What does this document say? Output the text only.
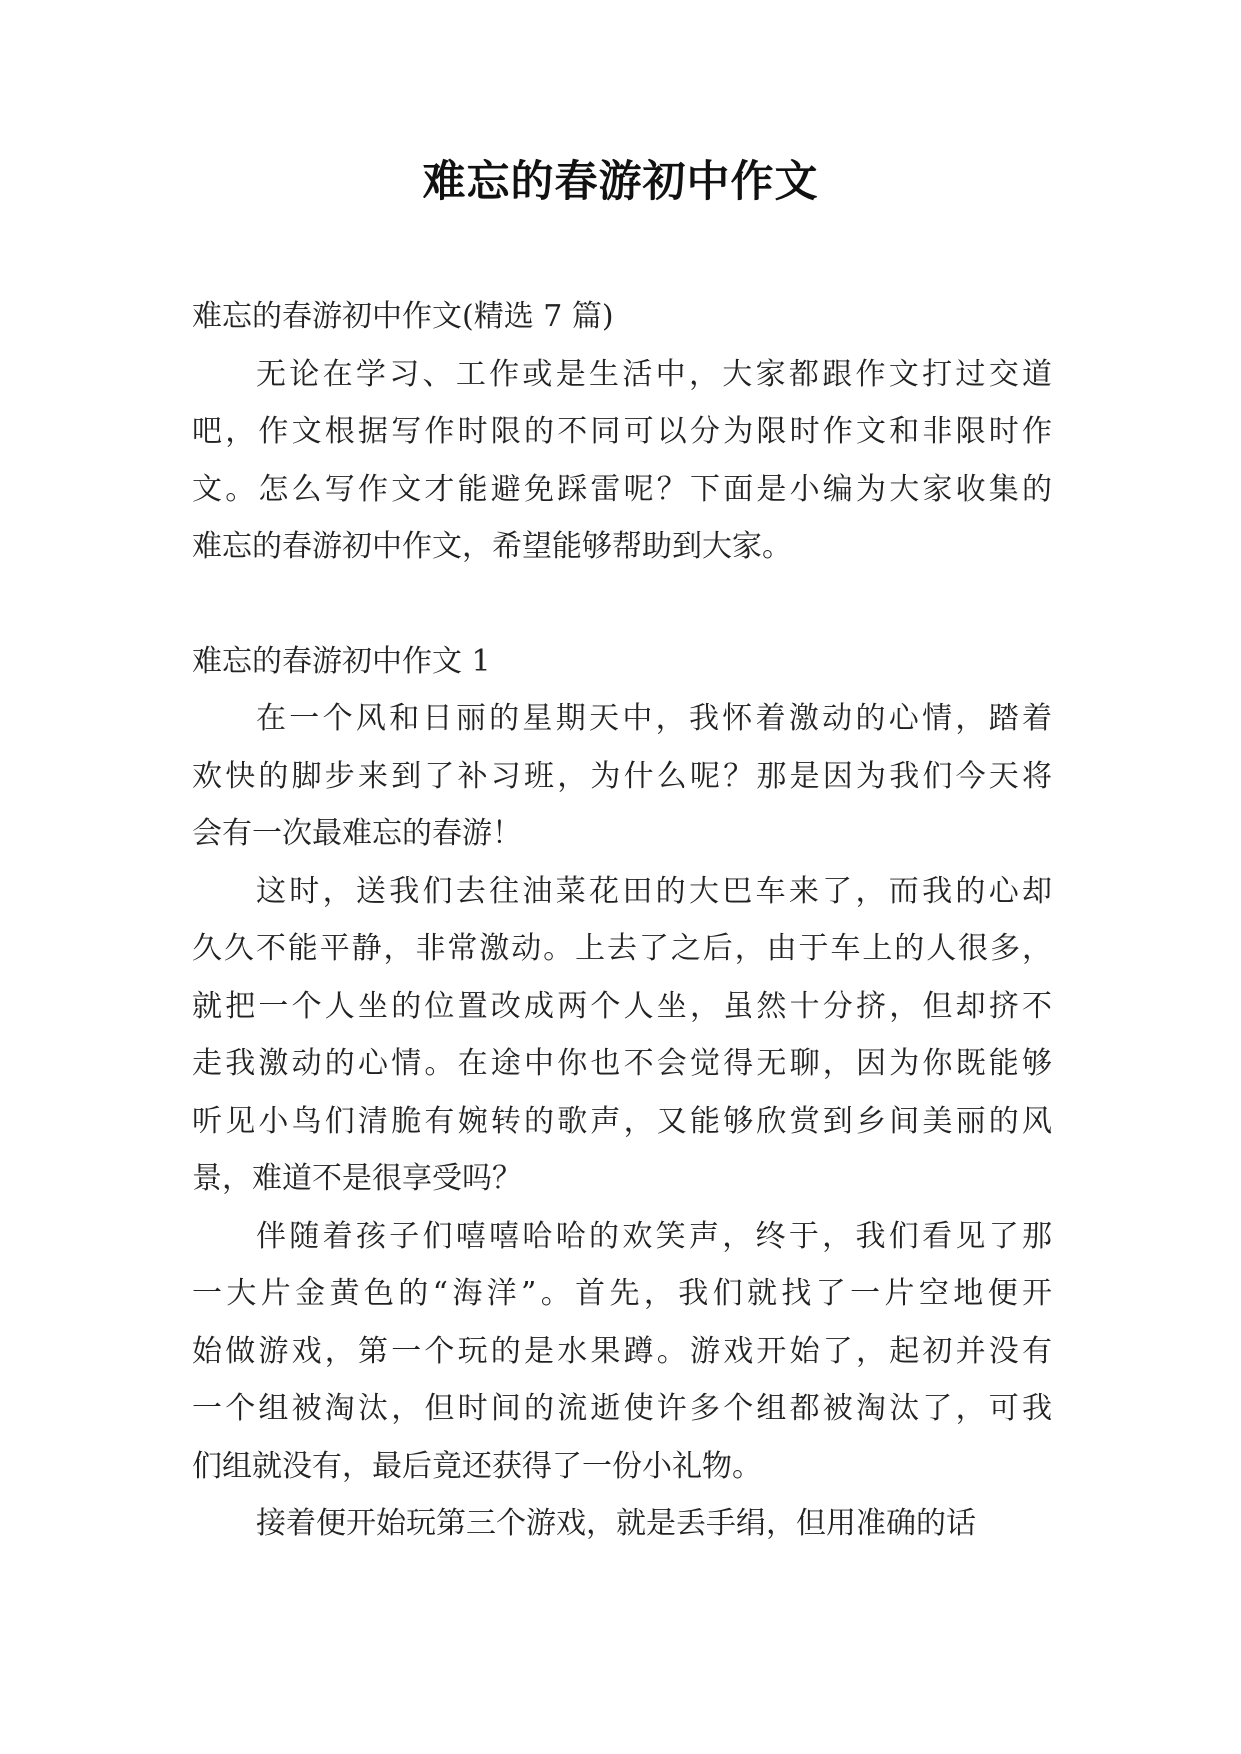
难忘的春游初中作文
难忘的春游初中作文(精选 7 篇)
无论在学习、工作或是生活中，大家都跟作文打过交道
吧，作文根据写作时限的不同可以分为限时作文和非限时作
文。怎么写作文才能避免踩雷呢？下面是小编为大家收集的
难忘的春游初中作文，希望能够帮助到大家。
难忘的春游初中作文 1
在一个风和日丽的星期天中，我怀着激动的心情，踏着
欢快的脚步来到了补习班，为什么呢？那是因为我们今天将
会有一次最难忘的春游！
这时，送我们去往油菜花田的大巴车来了，而我的心却
久久不能平静，非常激动。上去了之后，由于车上的人很多，
就把一个人坐的位置改成两个人坐，虽然十分挤，但却挤不
走我激动的心情。在途中你也不会觉得无聊，因为你既能够
听见小鸟们清脆有婉转的歌声，又能够欣赏到乡间美丽的风
景，难道不是很享受吗？
伴随着孩子们嘻嘻哈哈的欢笑声，终于，我们看见了那
一大片金黄色的“海洋”。首先，我们就找了一片空地便开
始做游戏，第一个玩的是水果蹲。游戏开始了，起初并没有
一个组被淘汰，但时间的流逝使许多个组都被淘汰了，可我
们组就没有，最后竟还获得了一份小礼物。
接着便开始玩第三个游戏，就是丢手绢，但用准确的话
